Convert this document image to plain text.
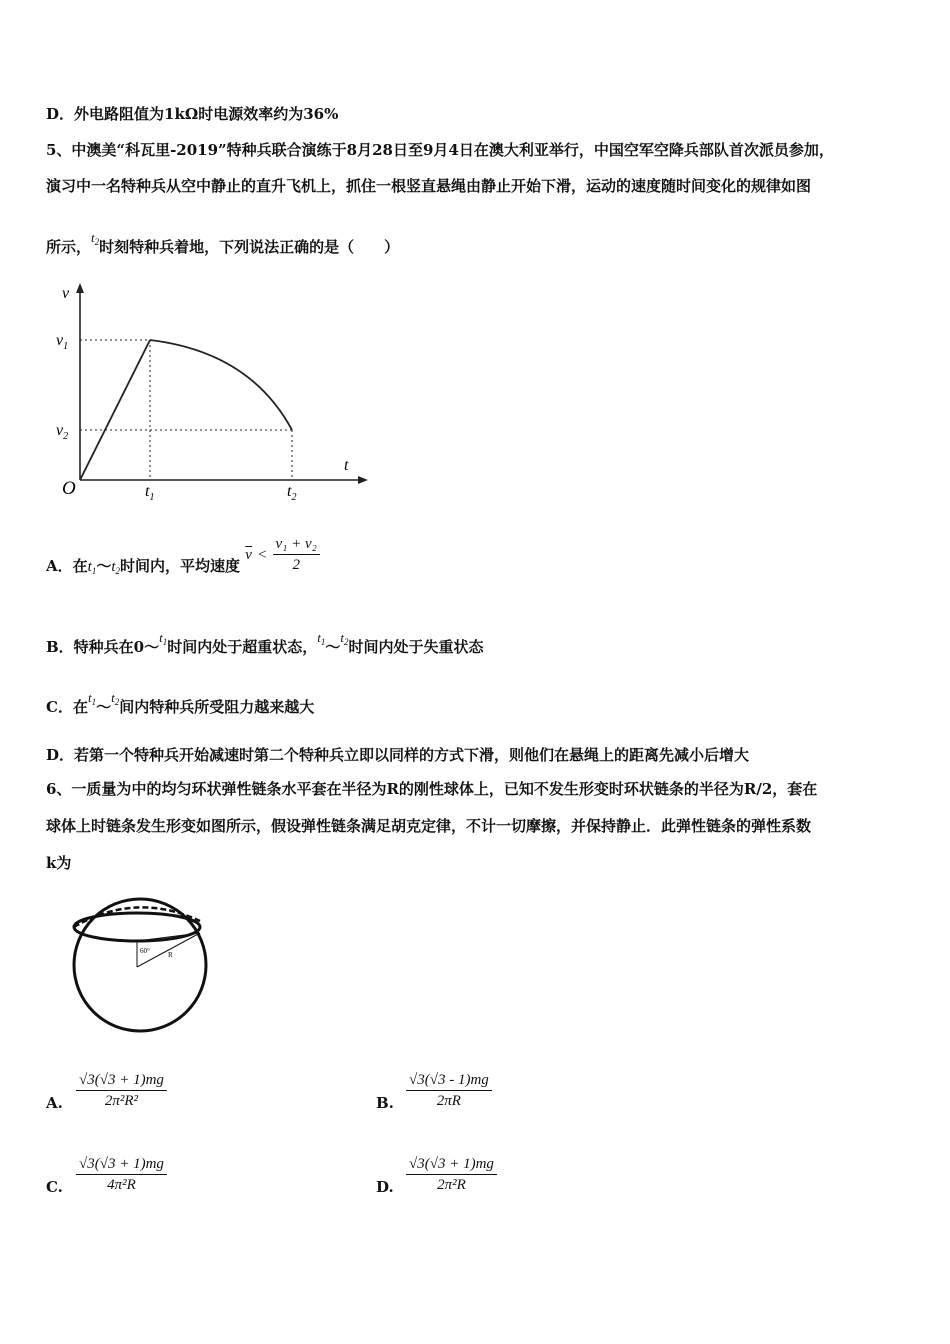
D．外电路阻值为1kΩ时电源效率约为36%
5、中澳美“科瓦里-2019”特种兵联合演练于8月28日至9月4日在澳大利亚举行，中国空军空降兵部队首次派员参加，
演习中一名特种兵从空中静止的直升飞机上，抓住一根竖直悬绳由静止开始下滑，运动的速度随时间变化的规律如图
所示，$t_2$时刻特种兵着地，下列说法正确的是（　　）
v
t
O
$v_1$
$v_2$
$t_1$	$t_2$
A．在$t_1\sim t_2$时间内，平均速度 $\overline{v} < \frac{\text{v₁ + v₂}}{2}$
B．特种兵在$0\sim t_1$时间内处于超重状态，$t_1\sim t_2$时间内处于失重状态
C．在$t_1\sim t_2$间内特种兵所受阻力越来越大
D．若第一个特种兵开始减速时第二个特种兵立即以同样的方式下滑，则他们在悬绳上的距离先减小后增大
6、一质量为中的均匀环状弹性链条水平套在半径为R的刚性球体上，已知不发生形变时环状链条的半径为R/2，套在
球体上时链条发生形变如图所示，假设弹性链条满足胡克定律，不计一切摩擦，并保持静止．此弹性链条的弹性系数
k为
60°	R
A. $\frac{√3(√3 + 1)mg}{\text{2π²R²}}$	B. $\frac{√3(√3 - 1)mg}{2\pi R}$
C. $\frac{√3(√3 + 1)mg}{\text{4π²R}}$	D. $\frac{√3(√3 + 1)mg}{\text{2π²R}}$
